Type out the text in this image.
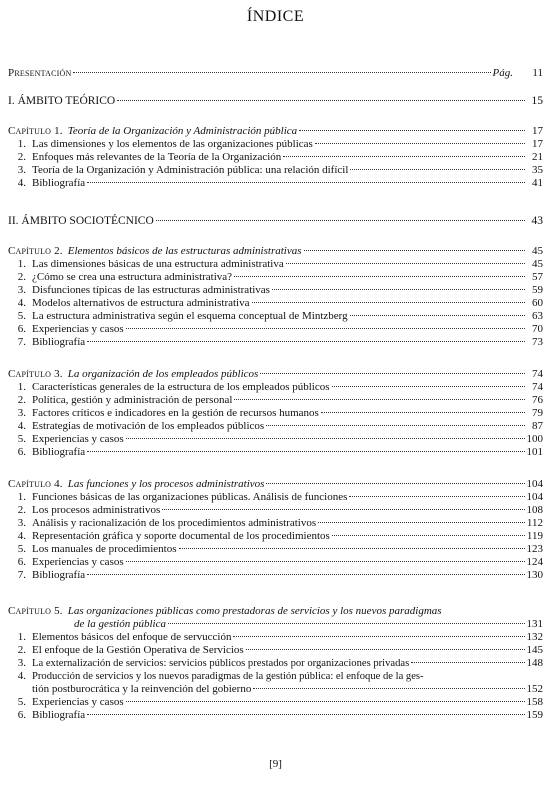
ÍNDICE
Presentación	Pág.	11
I. ÁMBITO TEÓRICO	15
Capítulo 1. Teoría de la Organización y Administración pública	17
1. Las dimensiones y los elementos de las organizaciones públicas	17
2. Enfoques más relevantes de la Teoría de la Organización	21
3. Teoría de la Organización y Administración pública: una relación difícil	35
4. Bibliografía	41
II. ÁMBITO SOCIOTÉCNICO	43
Capítulo 2. Elementos básicos de las estructuras administrativas	45
1. Las dimensiones básicas de una estructura administrativa	45
2. ¿Cómo se crea una estructura administrativa?	57
3. Disfunciones típicas de las estructuras administrativas	59
4. Modelos alternativos de estructura administrativa	60
5. La estructura administrativa según el esquema conceptual de Mintzberg	63
6. Experiencias y casos	70
7. Bibliografía	73
Capítulo 3. La organización de los empleados públicos	74
1. Características generales de la estructura de los empleados públicos	74
2. Política, gestión y administración de personal	76
3. Factores críticos e indicadores en la gestión de recursos humanos	79
4. Estrategias de motivación de los empleados públicos	87
5. Experiencias y casos	100
6. Bibliografía	101
Capítulo 4. Las funciones y los procesos administrativos	104
1. Funciones básicas de las organizaciones públicas. Análisis de funciones	104
2. Los procesos administrativos	108
3. Análisis y racionalización de los procedimientos administrativos	112
4. Representación gráfica y soporte documental de los procedimientos	119
5. Los manuales de procedimientos	123
6. Experiencias y casos	124
7. Bibliografía	130
Capítulo 5. Las organizaciones públicas como prestadoras de servicios y los nuevos paradigmas
de la gestión pública	131
1. Elementos básicos del enfoque de servucción	132
2. El enfoque de la Gestión Operativa de Servicios	145
3. La externalización de servicios: servicios públicos prestados por organizaciones privadas	148
4. Producción de servicios y los nuevos paradigmas de la gestión pública: el enfoque de la ges-
tión postburocrática y la reinvención del gobierno	152
5. Experiencias y casos	158
6. Bibliografía	159
[9]
